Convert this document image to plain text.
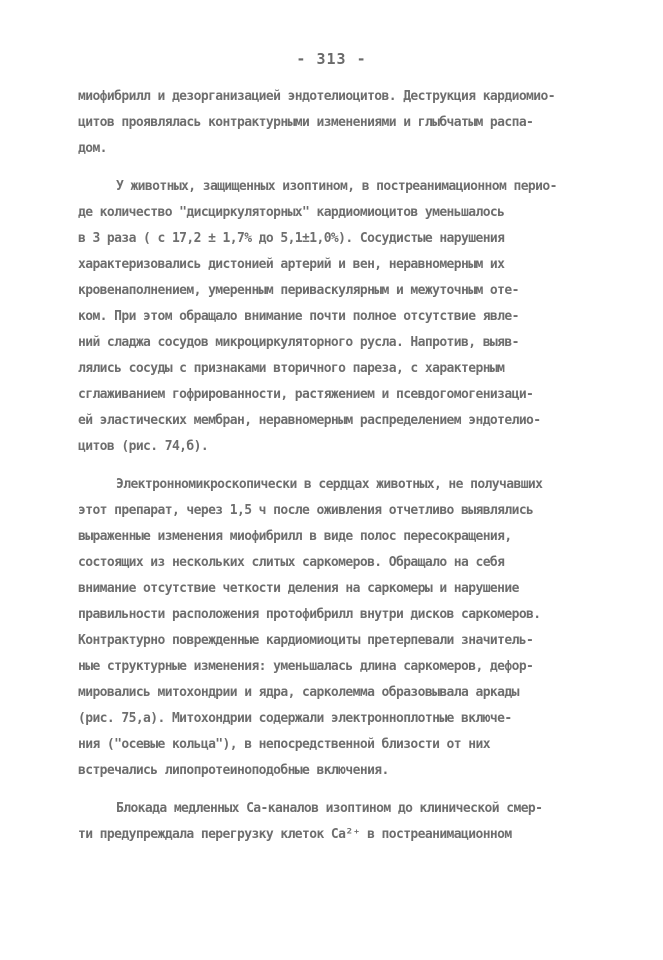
- 313 -
миофибрилл и дезорганизацией эндотелиоцитов. Деструкция кардиомио-
цитов проявлялась контрактурными изменениями и глыбчатым распа-
дом.
У животных, защищенных изоптином, в постреанимационном перио-
де количество "дисциркуляторных" кардиомиоцитов уменьшалось
в 3 раза ( с 17,2 ± 1,7% до 5,1±1,0%). Сосудистые нарушения
характеризовались дистонией артерий и вен, неравномерным их
кровенаполнением, умеренным периваскулярным и межуточным оте-
ком. При этом обращало внимание почти полное отсутствие явле-
ний сладжа сосудов микроциркуляторного русла. Напротив, выяв-
лялись сосуды с признаками вторичного пареза, с характерным
сглаживанием гофрированности, растяжением и псевдогомогенизаци-
ей эластических мембран, неравномерным распределением эндотелио-
цитов (рис. 74,б).
Электронномикроскопически в сердцах животных, не получавших
этот препарат, через 1,5 ч после оживления отчетливо выявлялись
выраженные изменения миофибрилл в виде полос пересокращения,
состоящих из нескольких слитых саркомеров. Обращало на себя
внимание отсутствие четкости деления на саркомеры и нарушение
правильности расположения протофибрилл внутри дисков саркомеров.
Контрактурно поврежденные кардиомиоциты претерпевали значитель-
ные структурные изменения: уменьшалась длина саркомеров, дефор-
мировались митохондрии и ядра, сарколемма образовывала аркады
(рис. 75,а). Митохондрии содержали электронноплотные включе-
ния ("осевые кольца"), в непосредственной близости от них
встречались липопротеиноподобные включения.
Блокада медленных Са-каналов изоптином до клинической смер-
ти предупреждала перегрузку клеток Са²⁺ в постреанимационном
